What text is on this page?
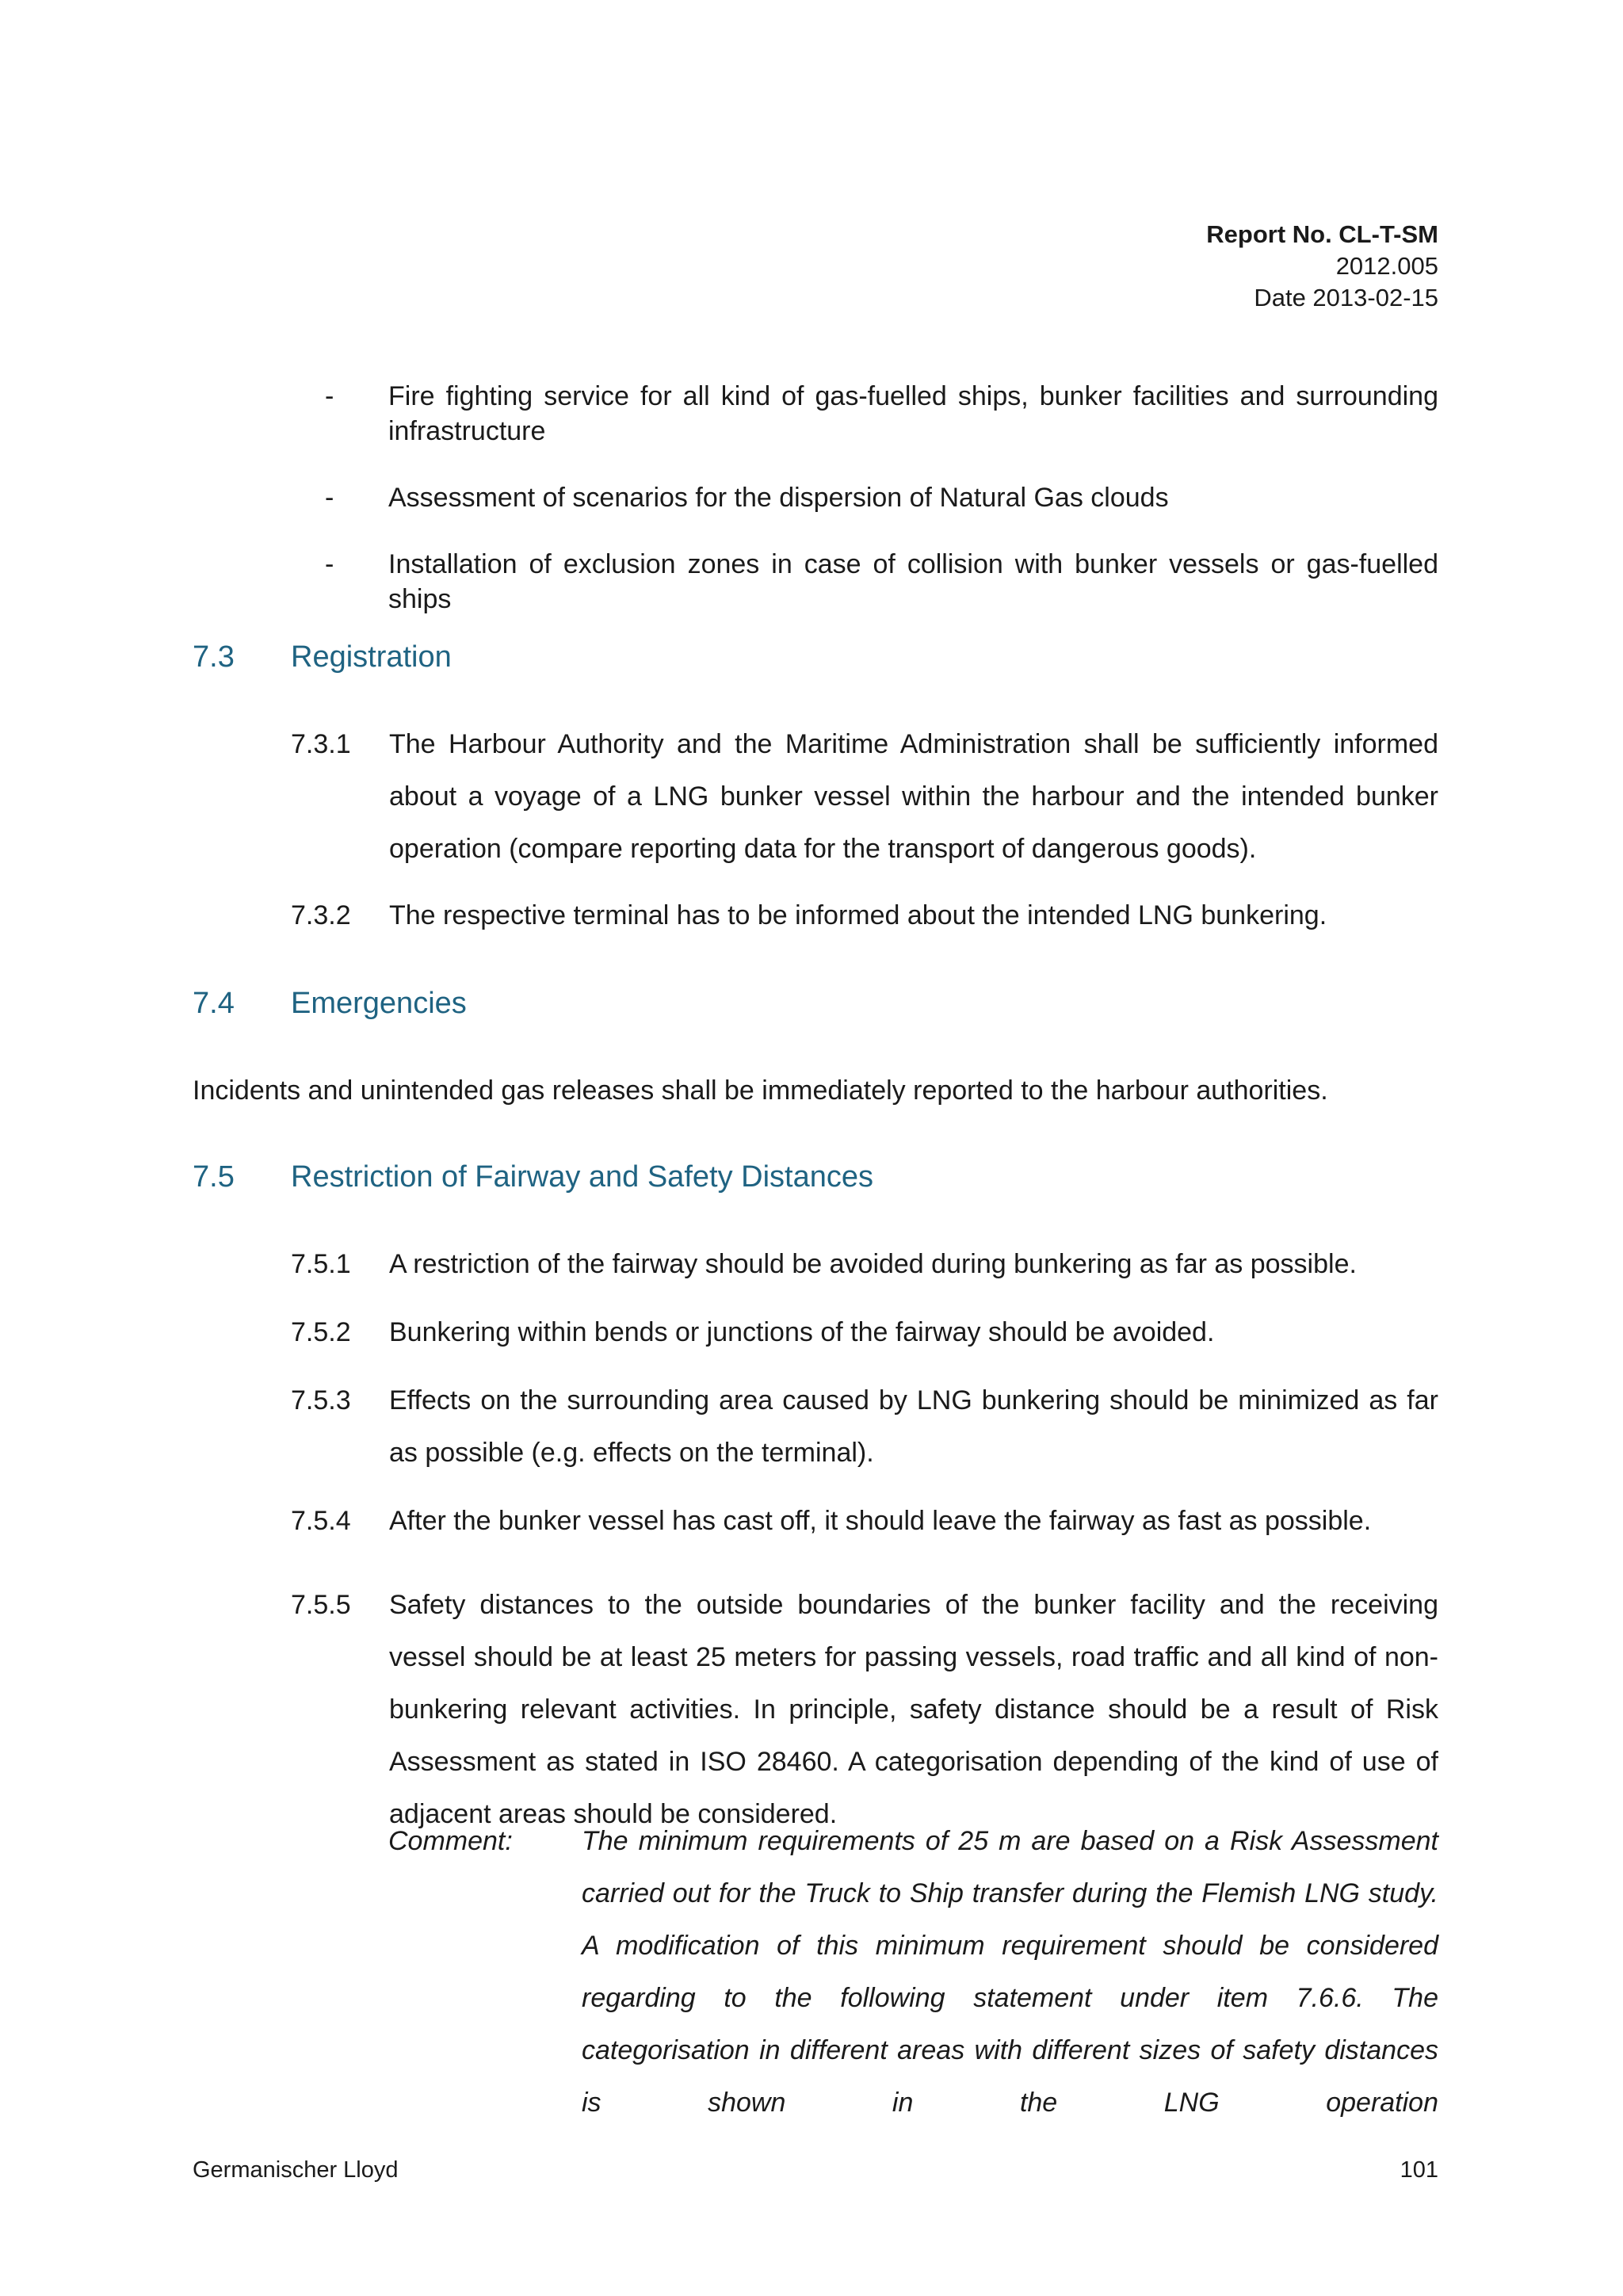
Report No. CL-T-SM
2012.005
Date 2013-02-15
-	Fire fighting service for all kind of gas-fuelled ships, bunker facilities and surrounding infrastructure
-	Assessment of scenarios for the dispersion of Natural Gas clouds
-	Installation of exclusion zones in case of collision with bunker vessels or gas-fuelled ships
7.3	Registration
7.3.1	The Harbour Authority and the Maritime Administration shall be sufficiently informed about a voyage of a LNG bunker vessel within the harbour and the intended bunker operation (compare reporting data for the transport of dangerous goods).
7.3.2	The respective terminal has to be informed about the intended LNG bunkering.
7.4	Emergencies
Incidents and unintended gas releases shall be immediately reported to the harbour authorities.
7.5	Restriction of Fairway and Safety Distances
7.5.1	A restriction of the fairway should be avoided during bunkering as far as possible.
7.5.2	Bunkering within bends or junctions of the fairway should be avoided.
7.5.3	Effects on the surrounding area caused by LNG bunkering should be minimized as far as possible (e.g. effects on the terminal).
7.5.4	After the bunker vessel has cast off, it should leave the fairway as fast as possible.
7.5.5	Safety distances to the outside boundaries of the bunker facility and the receiving vessel should be at least 25 meters for passing vessels, road traffic and all kind of non-bunkering relevant activities. In principle, safety distance should be a result of Risk Assessment as stated in ISO 28460. A categorisation depending of the kind of use of adjacent areas should be considered.
Comment:	The minimum requirements of 25 m are based on a Risk Assessment carried out for the Truck to Ship transfer during the Flemish LNG study. A modification of this minimum requirement should be considered regarding to the following statement under item 7.6.6. The categorisation in different areas with different sizes of safety distances is shown in the LNG operation
Germanischer Lloyd	101
